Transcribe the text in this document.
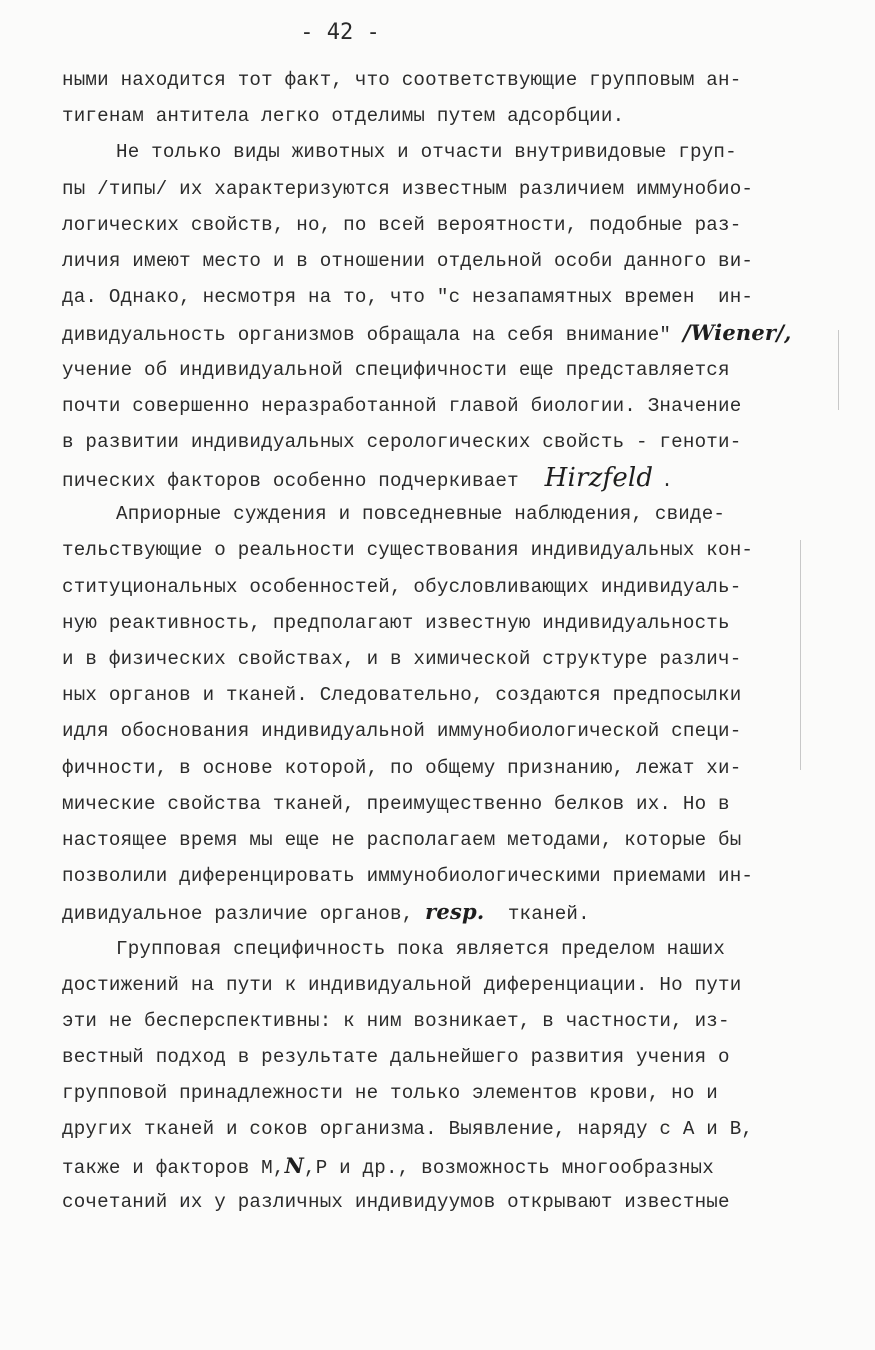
- 42 -
ными находится тот факт, что соответствующие групповым ан-
тигенам антитела легко отделимы путем адсорбции.
Не только виды животных и отчасти внутривидовые груп-
пы /типы/ их характеризуются известным различием иммунобио-
логических свойств, но, по всей вероятности, подобные раз-
личия имеют место и в отношении отдельной особи данного ви-
да. Однако, несмотря на то, что "с незапамятных времен  ин-
дивидуальность организмов обращала на себя внимание" /Wiener/,
учение об индивидуальной специфичности еще представляется
почти совершенно неразработанной главой биологии. Значение
в развитии индивидуальных серологических свойсть - геноти-
пических факторов особенно подчеркивает Hirzfeld .
Априорные суждения и повседневные наблюдения, свиде-
тельствующие о реальности существования индивидуальных кон-
ституциональных особенностей, обусловливающих индивидуаль-
ную реактивность, предполагают известную индивидуальность
и в физических свойствах, и в химической структуре различ-
ных органов и тканей. Следовательно, создаются предпосылки
идля обоснования индивидуальной иммунобиологической специ-
фичности, в основе которой, по общему признанию, лежат хи-
мические свойства тканей, преимущественно белков их. Но в
настоящее время мы еще не располагаем методами, которые бы
позволили диференцировать иммунобиологическими приемами ин-
дивидуальное различие органов, resp.  тканей.
Групповая специфичность пока является пределом наших
достижений на пути к индивидуальной диференциации. Но пути
эти не бесперспективны: к ним возникает, в частности, из-
вестный подход в результате дальнейшего развития учения о
групповой принадлежности не только элементов крови, но и
других тканей и соков организма. Выявление, наряду с А и В,
также и факторов M,N,P и др., возможность многообразных
сочетаний их у различных индивидуумов открывают известные
